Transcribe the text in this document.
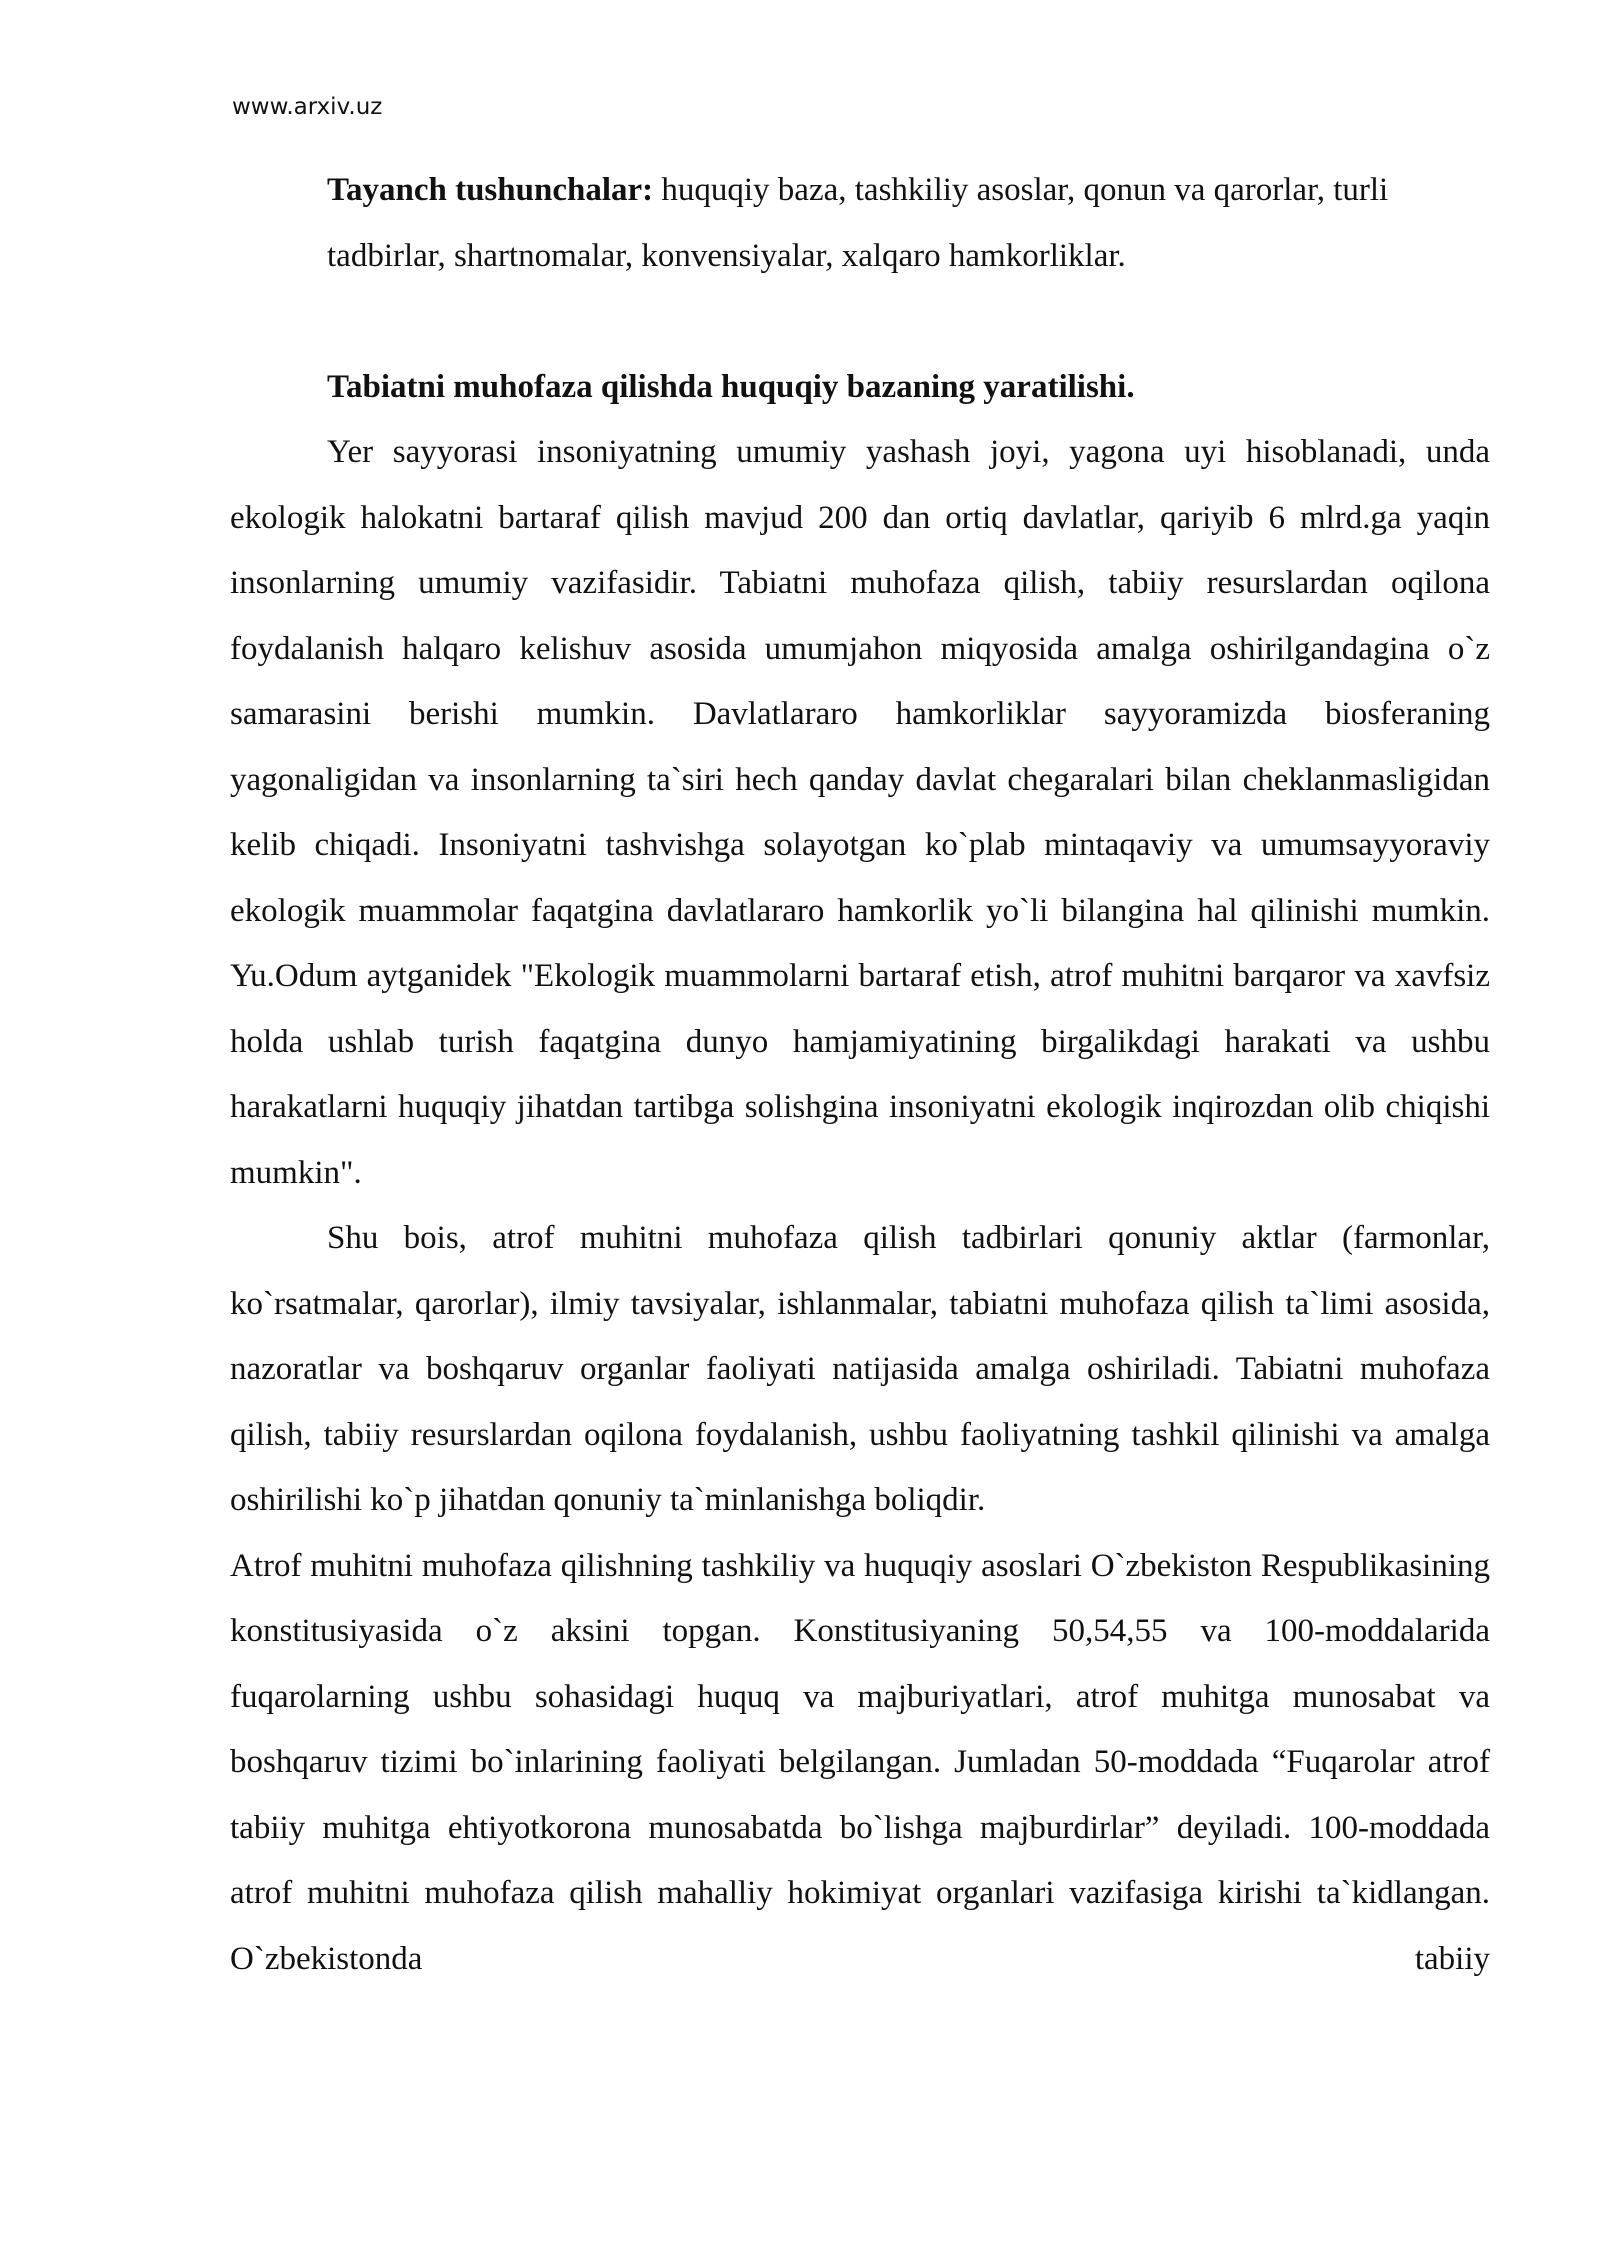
www.arxiv.uz

Tayanch tushunchalar: huquqiy baza, tashkiliy asoslar, qonun va qarorlar, turli tadbirlar, shartnomalar, konvensiyalar, xalqaro hamkorliklar.

Tabiatni muhofaza qilishda huquqiy bazaning yaratilishi.

Yer sayyorasi insoniyatning umumiy yashash joyi, yagona uyi hisoblanadi, unda ekologik halokatni bartaraf qilish mavjud 200 dan ortiq davlatlar, qariyib 6 mlrd.ga yaqin insonlarning umumiy vazifasidir. Tabiatni muhofaza qilish, tabiiy resurslardan oqilona foydalanish halqaro kelishuv asosida umumjahon miqyosida amalga oshirilgandagina o`z samarasini berishi mumkin. Davlatlararo hamkorliklar sayyoramizda biosferaning yagonaligidan va insonlarning ta`siri hech qanday davlat chegaralari bilan cheklanmasligidan kelib chiqadi. Insoniyatni tashvishga solayotgan ko`plab mintaqaviy va umumsayyoraviy ekologik muammolar faqatgina davlatlararo hamkorlik yo`li bilangina hal qilinishi mumkin. Yu.Odum aytganidek "Ekologik muammolarni bartaraf etish, atrof muhitni barqaror va xavfsiz holda ushlab turish faqatgina dunyo hamjamiyatining birgalikdagi harakati va ushbu harakatlarni huquqiy jihatdan tartibga solishgina insoniyatni ekologik inqirozdan olib chiqishi mumkin".

Shu bois, atrof muhitni muhofaza qilish tadbirlari qonuniy aktlar (farmonlar, ko`rsatmalar, qarorlar), ilmiy tavsiyalar, ishlanmalar, tabiatni muhofaza qilish ta`limi asosida, nazoratlar va boshqaruv organlar faoliyati natijasida amalga oshiriladi. Tabiatni muhofaza qilish, tabiiy resurslardan oqilona foydalanish, ushbu faoliyatning tashkil qilinishi va amalga oshirilishi ko`p jihatdan qonuniy ta`minlanishga boliqdir.

Atrof muhitni muhofaza qilishning tashkiliy va huquqiy asoslari O`zbekiston Respublikasining konstitusiyasida o`z aksini topgan. Konstitusiyaning 50,54,55 va 100-moddalarida fuqarolarning ushbu sohasidagi huquq va majburiyatlari, atrof muhitga munosabat va boshqaruv tizimi bo`inlarining faoliyati belgilangan. Jumladan 50-moddada “Fuqarolar atrof tabiiy muhitga ehtiyotkorona munosabatda bo`lishga majburdirlar” deyiladi. 100-moddada atrof muhitni muhofaza qilish mahalliy hokimiyat organlari vazifasiga kirishi ta`kidlangan. O`zbekistonda tabiiy
